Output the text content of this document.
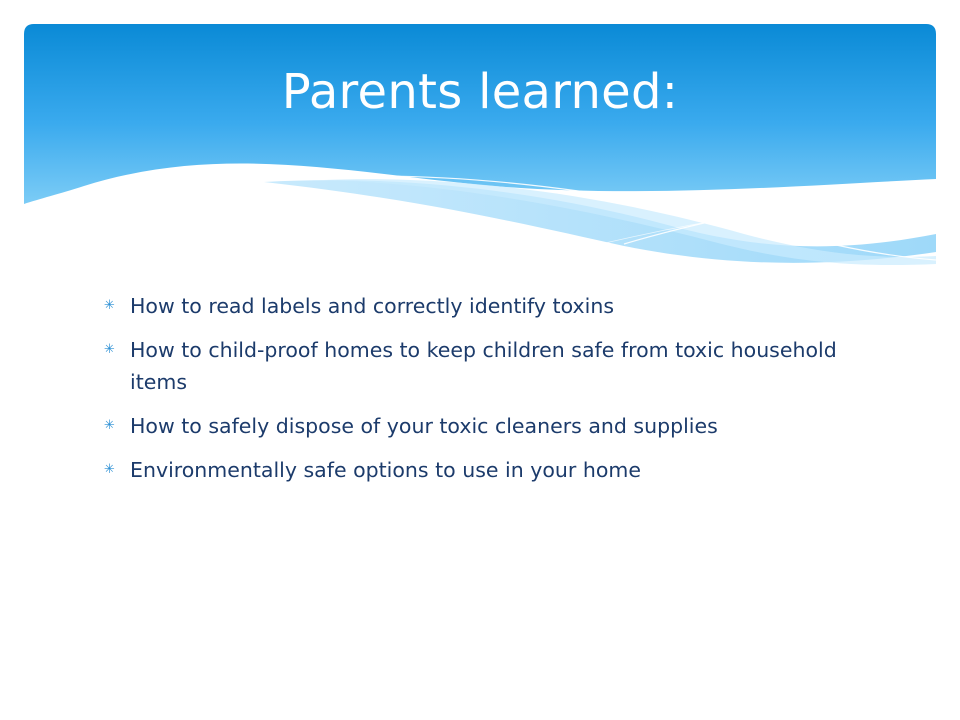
Parents learned:
✳ How to read labels and correctly identify toxins
✳ How to child-proof homes to keep children safe from toxic household items
✳ How to safely dispose of your toxic cleaners and supplies
✳ Environmentally safe options to use in your home
